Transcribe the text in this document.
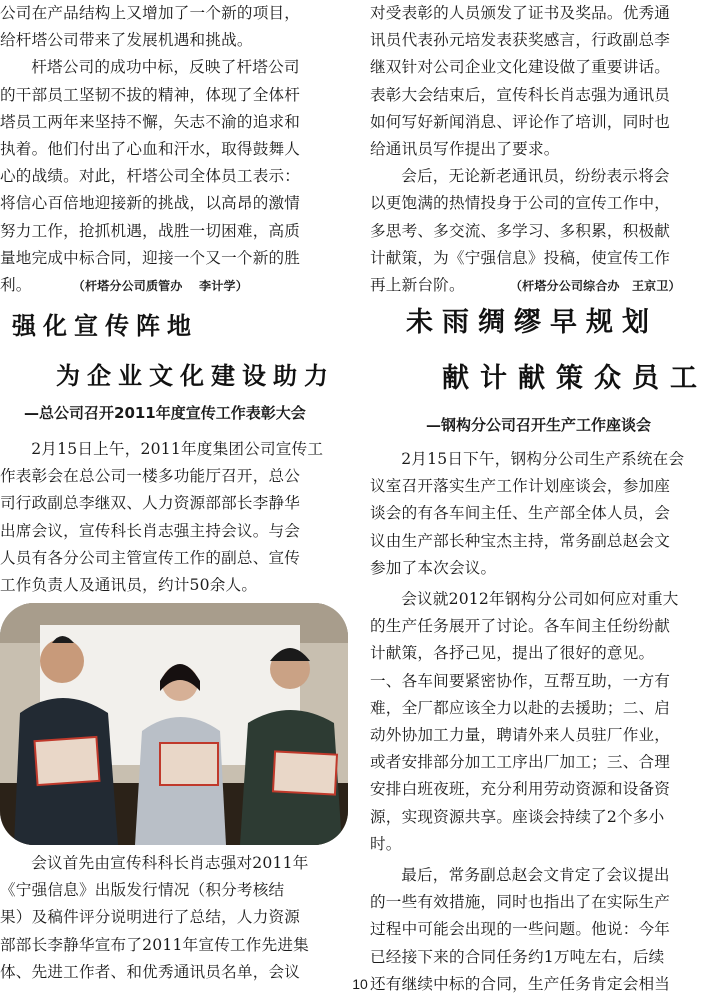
公司在产品结构上又增加了一个新的项目，
给杆塔公司带来了发展机遇和挑战。

杆塔公司的成功中标，反映了杆塔公司
的干部员工坚韧不拔的精神，体现了全体杆
塔员工两年来坚持不懈，矢志不渝的追求和
执着。他们付出了心血和汗水，取得鼓舞人
心的战绩。对此，杆塔公司全体员工表示：
将信心百倍地迎接新的挑战，以高昂的激情
努力工作，抢抓机遇，战胜一切困难，高质
量地完成中标合同，迎接一个又一个新的胜

利。	（杆塔分公司质管办　 李计学）

强化宣传阵地
为企业文化建设助力
—总公司召开2011年度宣传工作表彰大会

2月15日上午，2011年度集团公司宣传工
作表彰会在总公司一楼多功能厅召开，总公
司行政副总李继双、人力资源部部长李静华
出席会议，宣传科长肖志强主持会议。与会
人员有各分公司主管宣传工作的副总、宣传
工作负责人及通讯员，约计50余人。

会议首先由宣传科科长肖志强对2011年
《宁强信息》出版发行情况（积分考核结
果）及稿件评分说明进行了总结，人力资源
部部长李静华宣布了2011年宣传工作先进集
体、先进工作者、和优秀通讯员名单，会议

对受表彰的人员颁发了证书及奖品。优秀通
讯员代表孙元培发表获奖感言，行政副总李
继双针对公司企业文化建设做了重要讲话。
表彰大会结束后，宣传科长肖志强为通讯员
如何写好新闻消息、评论作了培训，同时也
给通讯员写作提出了要求。

会后，无论新老通讯员，纷纷表示将会
以更饱满的热情投身于公司的宣传工作中，
多思考、多交流、多学习、多积累，积极献
计献策，为《宁强信息》投稿，使宣传工作

再上新台阶。	（杆塔分公司综合办　王京卫）

未雨绸缪早规划
献计献策众员工
—钢构分公司召开生产工作座谈会

2月15日下午，钢构分公司生产系统在会
议室召开落实生产工作计划座谈会，参加座
谈会的有各车间主任、生产部全体人员，会
议由生产部长种宝杰主持，常务副总赵会文
参加了本次会议。

会议就2012年钢构分公司如何应对重大
的生产任务展开了讨论。各车间主任纷纷献
计献策，各抒己见，提出了很好的意见。
一、各车间要紧密协作，互帮互助，一方有
难，全厂都应该全力以赴的去援助；二、启
动外协加工力量，聘请外来人员驻厂作业，
或者安排部分加工工序出厂加工；三、合理
安排白班夜班，充分利用劳动资源和设备资
源，实现资源共享。座谈会持续了2个多小
时。

最后，常务副总赵会文肯定了会议提出
的一些有效措施，同时也指出了在实际生产
过程中可能会出现的一些问题。他说：今年
已经接下来的合同任务约1万吨左右，后续
还有继续中标的合同，生产任务肯定会相当

10
